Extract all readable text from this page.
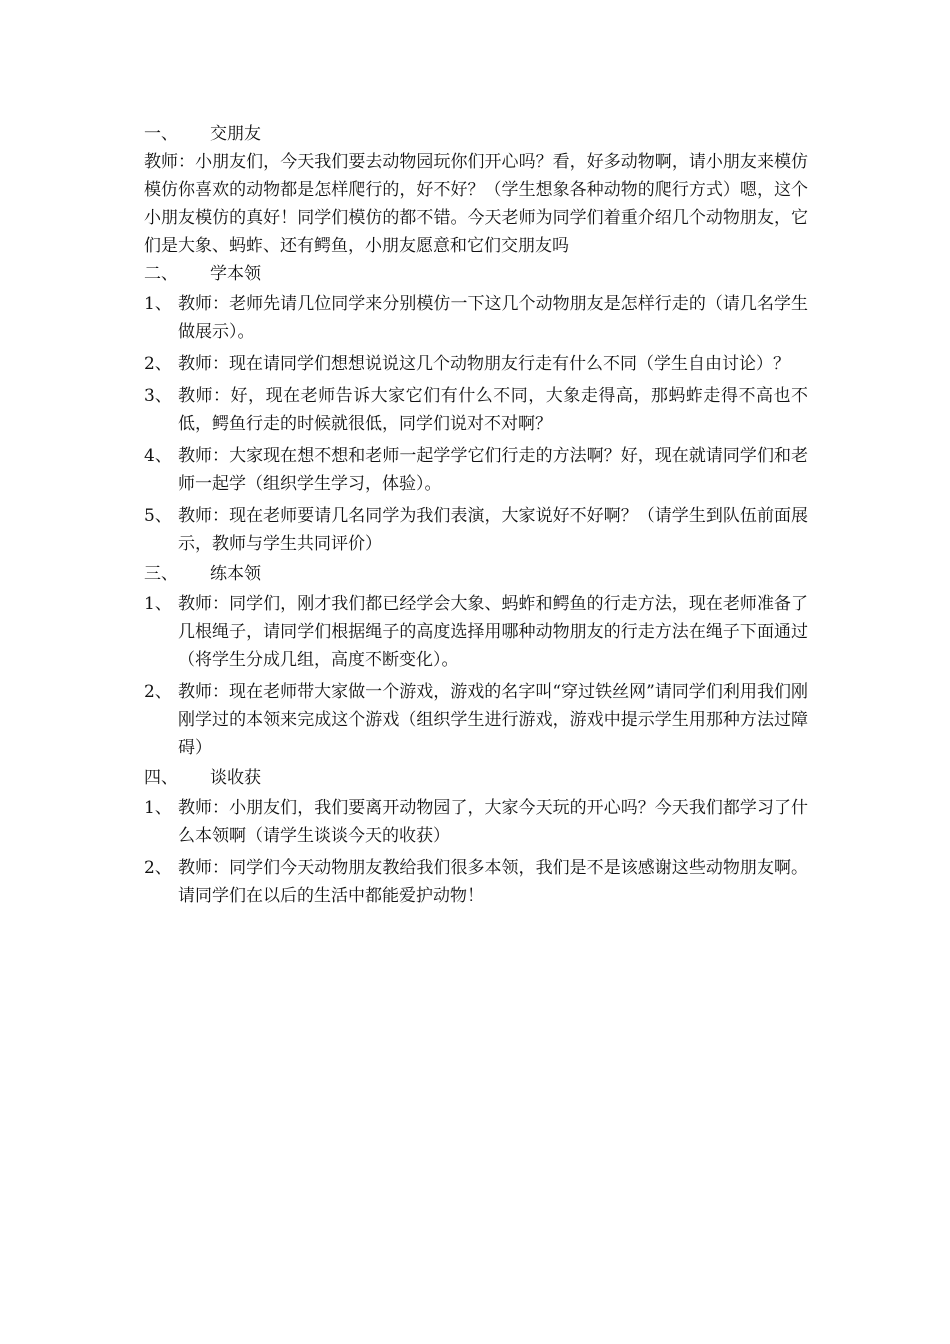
一、	交朋友
教师：小朋友们，今天我们要去动物园玩你们开心吗？看，好多动物啊，请小朋友来模仿模仿你喜欢的动物都是怎样爬行的，好不好？（学生想象各种动物的爬行方式）嗯，这个小朋友模仿的真好！同学们模仿的都不错。今天老师为同学们着重介绍几个动物朋友，它们是大象、蚂蚱、还有鳄鱼，小朋友愿意和它们交朋友吗
二、	学本领
1、 教师：老师先请几位同学来分别模仿一下这几个动物朋友是怎样行走的（请几名学生做展示）。
2、 教师：现在请同学们想想说说这几个动物朋友行走有什么不同（学生自由讨论）？
3、 教师：好，现在老师告诉大家它们有什么不同，大象走得高，那蚂蚱走得不高也不低，鳄鱼行走的时候就很低，同学们说对不对啊？
4、 教师：大家现在想不想和老师一起学学它们行走的方法啊？好，现在就请同学们和老师一起学（组织学生学习，体验）。
5、 教师：现在老师要请几名同学为我们表演，大家说好不好啊？（请学生到队伍前面展示，教师与学生共同评价）
三、	练本领
1、 教师：同学们，刚才我们都已经学会大象、蚂蚱和鳄鱼的行走方法，现在老师准备了几根绳子，请同学们根据绳子的高度选择用哪种动物朋友的行走方法在绳子下面通过（将学生分成几组，高度不断变化）。
2、 教师：现在老师带大家做一个游戏，游戏的名字叫“穿过铁丝网”请同学们利用我们刚刚学过的本领来完成这个游戏（组织学生进行游戏，游戏中提示学生用那种方法过障碍）
四、	谈收获
1、 教师：小朋友们，我们要离开动物园了，大家今天玩的开心吗？今天我们都学习了什么本领啊（请学生谈谈今天的收获）
2、 教师：同学们今天动物朋友教给我们很多本领，我们是不是该感谢这些动物朋友啊。请同学们在以后的生活中都能爱护动物！
